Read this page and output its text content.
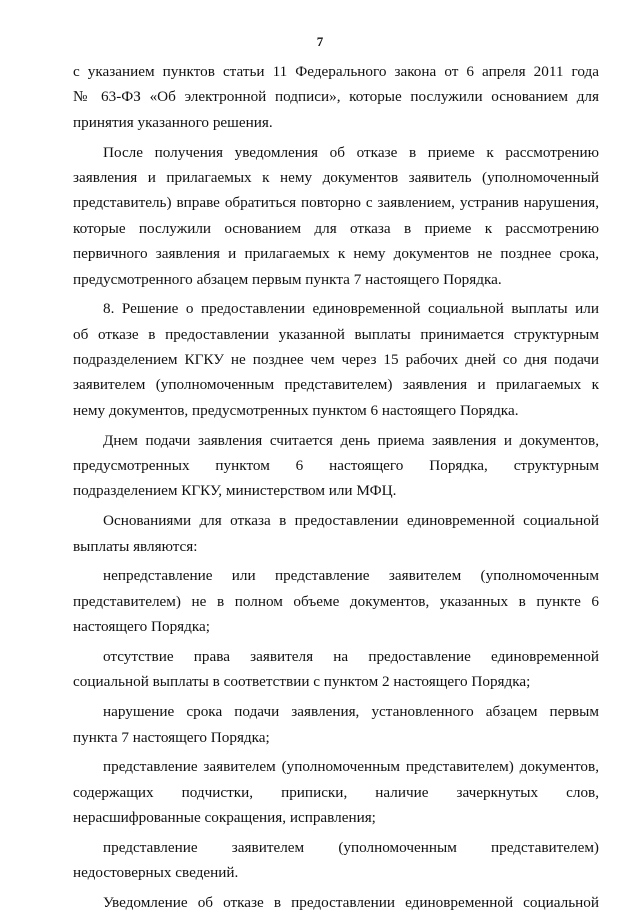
7
с указанием пунктов статьи 11 Федерального закона от 6 апреля 2011 года
№ 63-ФЗ «Об электронной подписи», которые послужили основанием для
принятия указанного решения.
После получения уведомления об отказе в приеме к рассмотрению
заявления и прилагаемых к нему документов заявитель (уполномоченный
представитель) вправе обратиться повторно с заявлением, устранив нарушения,
которые послужили основанием для отказа в приеме к рассмотрению
первичного заявления и прилагаемых к нему документов не позднее срока,
предусмотренного абзацем первым пункта 7 настоящего Порядка.
8. Решение о предоставлении единовременной социальной выплаты или
об отказе в предоставлении указанной выплаты принимается структурным
подразделением КГКУ не позднее чем через 15 рабочих дней со дня подачи
заявителем (уполномоченным представителем) заявления и прилагаемых к
нему документов, предусмотренных пунктом 6 настоящего Порядка.
Днем подачи заявления считается день приема заявления и документов,
предусмотренных пунктом 6 настоящего Порядка, структурным
подразделением КГКУ, министерством или МФЦ.
Основаниями для отказа в предоставлении единовременной социальной
выплаты являются:
непредставление или представление заявителем (уполномоченным
представителем) не в полном объеме документов, указанных в пункте 6
настоящего Порядка;
отсутствие права заявителя на предоставление единовременной
социальной выплаты в соответствии с пунктом 2 настоящего Порядка;
нарушение срока подачи заявления, установленного абзацем первым
пункта 7 настоящего Порядка;
представление заявителем (уполномоченным представителем) документов,
содержащих подчистки, приписки, наличие зачеркнутых слов,
нерасшифрованные сокращения, исправления;
представление заявителем (уполномоченным представителем)
недостоверных сведений.
Уведомление об отказе в предоставлении единовременной социальной
